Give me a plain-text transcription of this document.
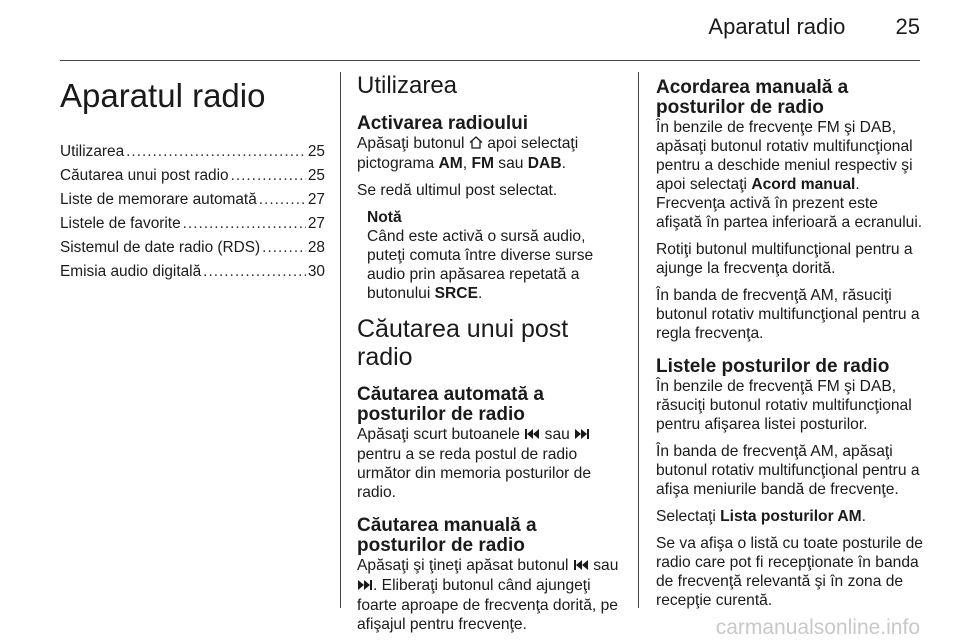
Aparatul radio 25
Aparatul radio
Utilizarea .....	25
Căutarea unui post radio .....	25
Liste de memorare automată .....	27
Listele de favorite .....	27
Sistemul de date radio (RDS) .....	28
Emisia audio digitală .....	30
Utilizarea
Activarea radioului

Apăsaţi butonul apoi selectaţi pictograma AM, FM sau DAB.

Se redă ultimul post selectat.

Notă
Când este activă o sursă audio, puteţi comuta între diverse surse audio prin apăsarea repetată a butonului SRCE.
Căutarea unui post radio
Căutarea automată a posturilor de radio

Apăsaţi scurt butoanele sau  pentru a se reda postul de radio următor din memoria posturilor de radio.

Căutarea manuală a posturilor de radio

Apăsaţi şi ţineţi apăsat butonul sau . Eliberaţi butonul când ajungeţi foarte aproape de frecvenţa dorită, pe afişajul pentru frecvenţe.

Acordarea manuală a posturilor de radio

În benzile de frecvenţe FM şi DAB, apăsaţi butonul rotativ multifuncţional pentru a deschide meniul respectiv şi apoi selectaţi Acord manual.

Frecvenţa activă în prezent este afişată în partea inferioară a ecranului.

Rotiţi butonul multifuncţional pentru a ajunge la frecvenţa dorită.

În banda de frecvenţă AM, răsuciţi butonul rotativ multifuncţional pentru a regla frecvenţa.

Listele posturilor de radio

În benzile de frecvenţă FM şi DAB, răsuciţi butonul rotativ multifuncţional pentru afişarea listei posturilor.

În banda de frecvenţă AM, apăsaţi butonul rotativ multifuncţional pentru a afişa meniurile bandă de frecvenţe.

Selectaţi Lista posturilor AM.

Se va afişa o listă cu toate posturile de radio care pot fi recepţionate în banda de frecvenţă relevantă şi în zona de recepţie curentă.

carmanualsonline.info
